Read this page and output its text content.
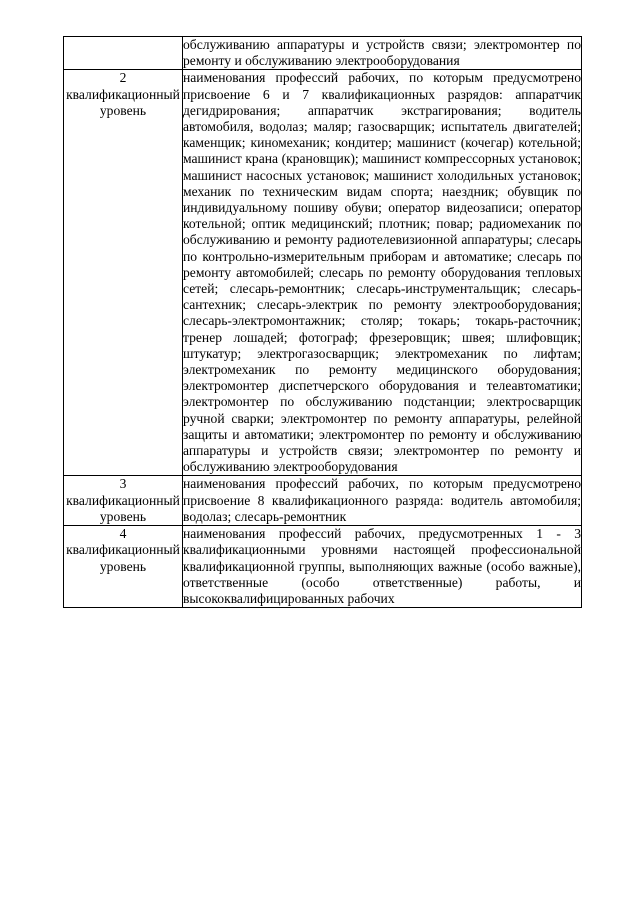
	обслуживанию аппаратуры и устройств связи; электромонтер по ремонту и обслуживанию электрооборудования

2
квалификационный уровень	наименования профессий рабочих, по которым предусмотрено присвоение 6 и 7 квалификационных разрядов: аппаратчик дегидрирования; аппаратчик экстрагирования; водитель автомобиля, водолаз; маляр; газосварщик; испытатель двигателей; каменщик; киномеханик; кондитер; машинист (кочегар) котельной; машинист крана (крановщик); машинист компрессорных установок; машинист насосных установок; машинист холодильных установок; механик по техническим видам спорта; наездник; обувщик по индивидуальному пошиву обуви; оператор видеозаписи; оператор котельной; оптик медицинский; плотник; повар; радиомеханик по обслуживанию и ремонту радиотелевизионной аппаратуры; слесарь по контрольно-измерительным приборам и автоматике; слесарь по ремонту автомобилей; слесарь по ремонту оборудования тепловых сетей; слесарь-ремонтник; слесарь-инструментальщик; слесарь-сантехник; слесарь-электрик по ремонту электрооборудования; слесарь-электромонтажник; столяр; токарь; токарь-расточник; тренер лошадей; фотограф; фрезеровщик; швея; шлифовщик; штукатур; электрогазосварщик; электромеханик по лифтам; электромеханик по ремонту медицинского оборудования; электромонтер диспетчерского оборудования и телеавтоматики; электромонтер по обслуживанию подстанции; электросварщик ручной сварки; электромонтер по ремонту аппаратуры, релейной защиты и автоматики; электромонтер по ремонту и обслуживанию аппаратуры и устройств связи; электромонтер по ремонту и обслуживанию электрооборудования

3
квалификационный уровень	наименования профессий рабочих, по которым предусмотрено присвоение 8 квалификационного разряда: водитель автомобиля; водолаз; слесарь-ремонтник

4
квалификационный уровень	наименования профессий рабочих, предусмотренных 1 - 3 квалификационными уровнями настоящей профессиональной квалификационной группы, выполняющих важные (особо важные), ответственные (особо ответственные) работы, и высококвалифицированных рабочих
